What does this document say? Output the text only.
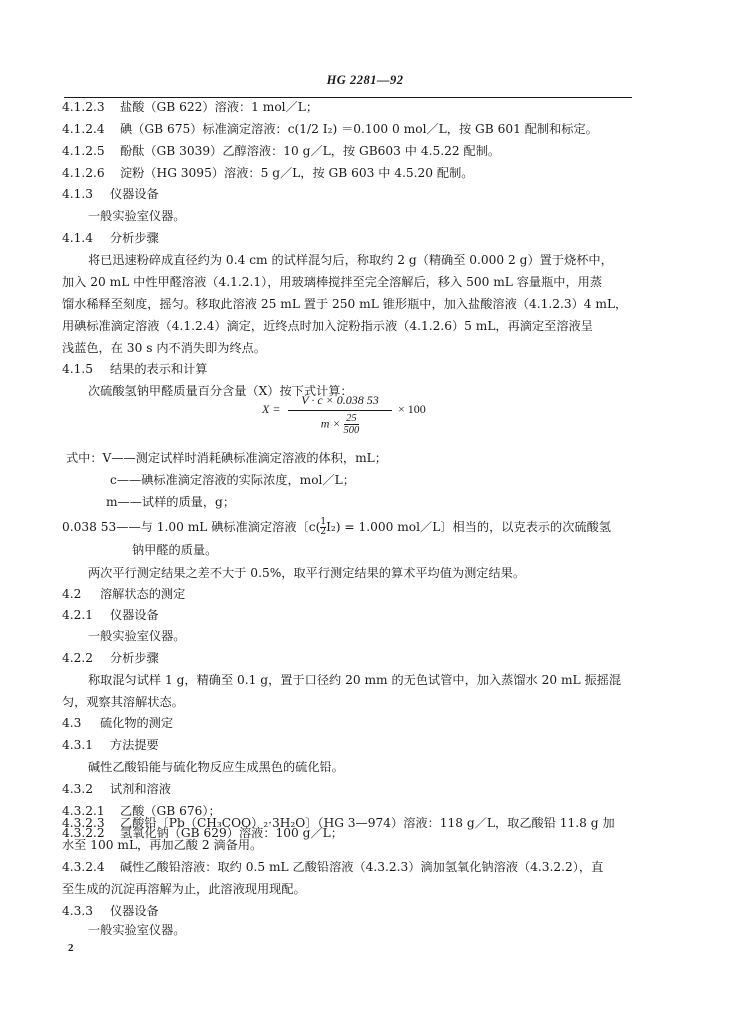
HG 2281—92
4.1.2.3 盐酸（GB 622）溶液：1 mol／L；
4.1.2.4 碘（GB 675）标准滴定溶液：c(1/2 I₂) ＝0.100 0 mol／L，按 GB 601 配制和标定。
4.1.2.5 酚酞（GB 3039）乙醇溶液：10 g／L，按 GB603 中 4.5.22 配制。
4.1.2.6 淀粉（HG 3095）溶液：5 g／L，按 GB 603 中 4.5.20 配制。
4.1.3 仪器设备
一般实验室仪器。
4.1.4 分析步骤
将已迅速粉碎成直径约为 0.4 cm 的试样混匀后，称取约 2 g（精确至 0.000 2 g）置于烧杯中，
加入 20 mL 中性甲醛溶液（4.1.2.1），用玻璃棒搅拌至完全溶解后，移入 500 mL 容量瓶中，用蒸
馏水稀释至刻度，摇匀。移取此溶液 25 mL 置于 250 mL 锥形瓶中，加入盐酸溶液（4.1.2.3）4 mL，
用碘标准滴定溶液（4.1.2.4）滴定，近终点时加入淀粉指示液（4.1.2.6）5 mL，再滴定至溶液呈
浅蓝色，在 30 s 内不消失即为终点。
4.1.5 结果的表示和计算
次硫酸氢钠甲醛质量百分含量（X）按下式计算：
$X = \frac{V \cdot c \times 0.038 53}{m \times \frac{25}{500}} \times 100$
式中：V——测定试样时消耗碘标准滴定溶液的体积，mL；
c——碘标准滴定溶液的实际浓度，mol／L；
m——试样的质量，g；
0.038 53——与 1.00 mL 碘标准滴定溶液〔$c( \frac{1}{2} I_2) = 1.000$ mol／L〕相当的，以克表示的次硫酸氢
钠甲醛的质量。
两次平行测定结果之差不大于 0.5%，取平行测定结果的算术平均值为测定结果。
4.2 溶解状态的测定
4.2.1 仪器设备
一般实验室仪器。
4.2.2 分析步骤
称取混匀试样 1 g，精确至 0.1 g，置于口径约 20 mm 的无色试管中，加入蒸馏水 20 mL 振摇混
匀，观察其溶解状态。
4.3 硫化物的测定
4.3.1 方法提要
碱性乙酸铅能与硫化物反应生成黑色的硫化铅。
4.3.2 试剂和溶液
4.3.2.1 乙酸（GB 676）；
4.3.2.2 氢氧化钠（GB 629）溶液：100 g／L；
4.3.2.3 乙酸铅〔Pb（CH₃COO）₂·3H₂O〕（HG 3—974）溶液：118 g／L，取乙酸铅 11.8 g 加
水至 100 mL，再加乙酸 2 滴备用。
4.3.2.4 碱性乙酸铅溶液：取约 0.5 mL 乙酸铅溶液（4.3.2.3）滴加氢氧化钠溶液（4.3.2.2），直
至生成的沉淀再溶解为止，此溶液现用现配。
4.3.3 仪器设备
2
一般实验室仪器。
